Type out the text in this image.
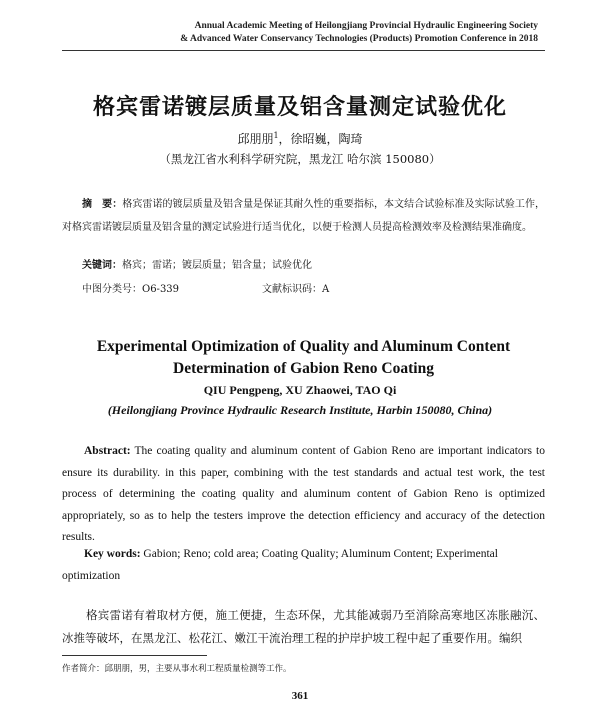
Annual Academic Meeting of Heilongjiang Provincial Hydraulic Engineering Society
& Advanced Water Conservancy Technologies (Products) Promotion Conference in 2018
格宾雷诺镀层质量及铝含量测定试验优化
邱朋朋$^1$，徐昭巍，陶琦
（黑龙江省水利科学研究院，黑龙江 哈尔滨 150080）
摘　要：格宾雷诺的镀层质量及铝含量是保证其耐久性的重要指标，本文结合试验标准及实际试验工作，对格宾雷诺镀层质量及铝含量的测定试验进行适当优化，以便于检测人员提高检测效率及检测结果准确度。
关键词：格宾；雷诺；镀层质量；铝含量；试验优化
中图分类号：O6-339	文献标识码：A
Experimental Optimization of Quality and Aluminum Content
Determination of Gabion Reno Coating
QIU Pengpeng, XU Zhaowei, TAO Qi
(Heilongjiang Province Hydraulic Research Institute, Harbin 150080, China)
Abstract: The coating quality and aluminum content of Gabion Reno are important indicators to ensure its durability. in this paper, combining with the test standards and actual test work, the test process of determining the coating quality and aluminum content of Gabion Reno is optimized appropriately, so as to help the testers improve the detection efficiency and accuracy of the detection results.
Key words: Gabion; Reno; cold area; Coating Quality; Aluminum Content; Experimental optimization
格宾雷诺有着取材方便，施工便捷，生态环保，尤其能减弱乃至消除高寒地区冻胀融沉、冰推等破坏，在黑龙江、松花江、嫩江干流治理工程的护岸护坡工程中起了重要作用。编织
作者简介：邱朋朋，男，主要从事水利工程质量检测等工作。
361
